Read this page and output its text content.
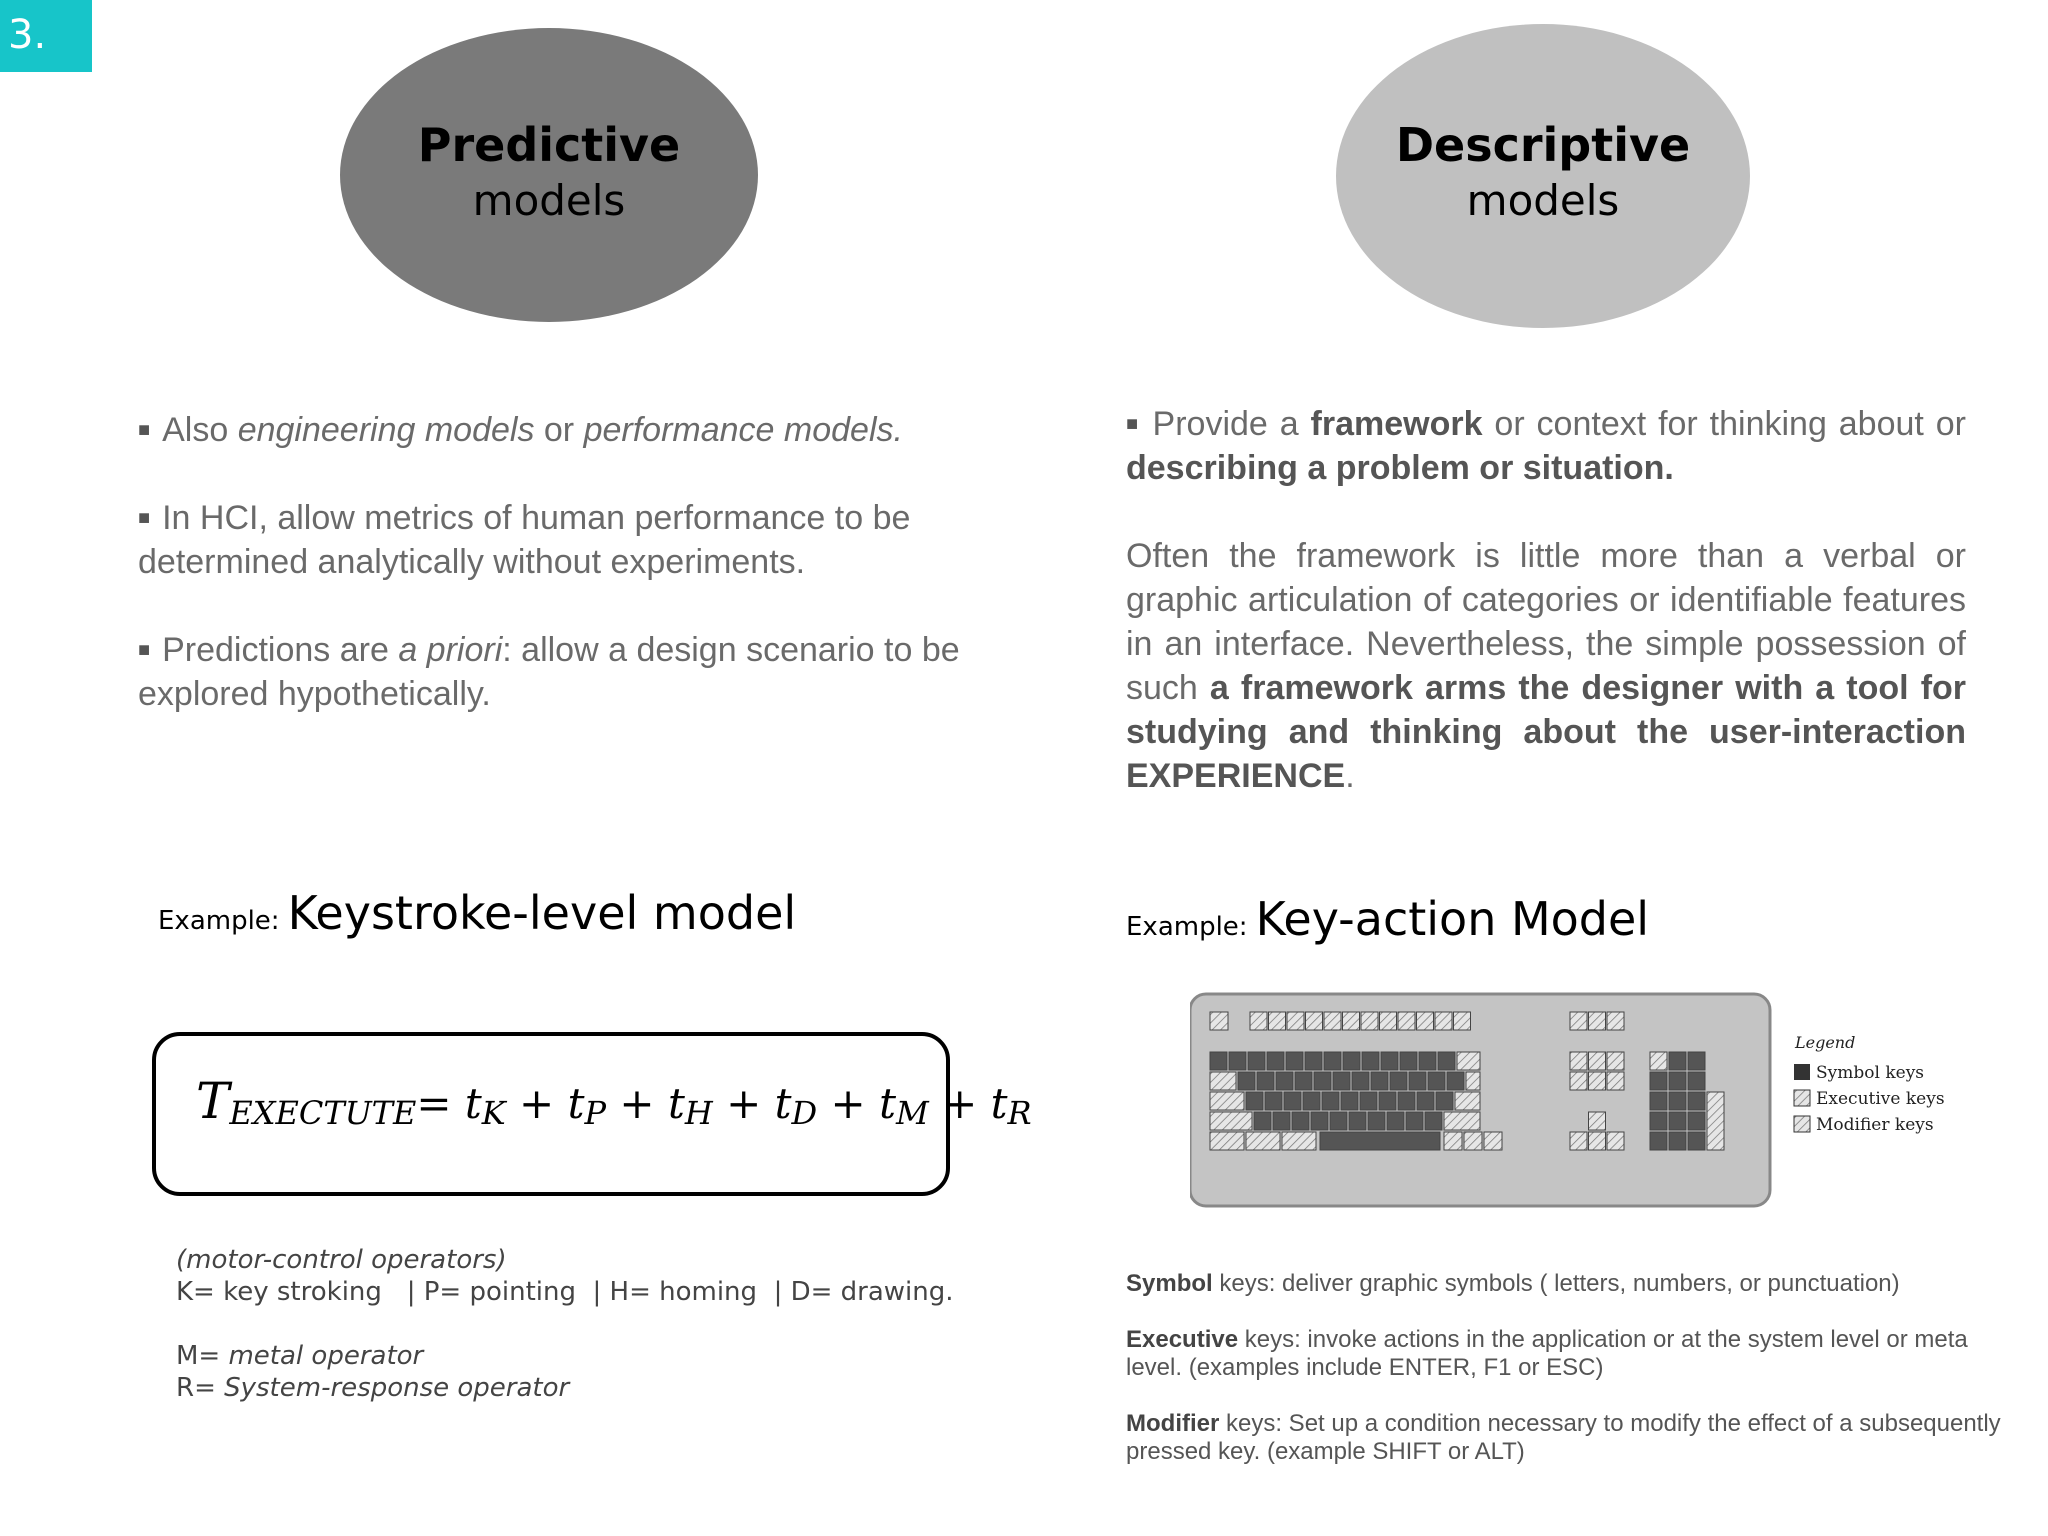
3.
Predictive
models
Descriptive
models
■ Also engineering models or performance models.
■ In HCI, allow metrics of human performance to be determined analytically without experiments.
■ Predictions are a priori: allow a design scenario to be explored hypothetically.
■ Provide a framework or context for thinking about or describing a problem or situation.
Often the framework is little more than a verbal or graphic articulation of categories or identifiable features in an interface. Nevertheless, the simple possession of such a framework arms the designer with a tool for studying and thinking about the user-interaction EXPERIENCE.
Example: Keystroke-level model	Example: Key-action Model
$T_{EXECTUTE}= t_K + t_P + t_H + t_D + t_M + t_R$
(motor-control operators)
K= key stroking   | P= pointing  | H= homing  | D= drawing.
M= metal operator
R= System-response operator
Legend
Symbol keys
Executive keys
Modifier keys

Symbol keys: deliver graphic symbols ( letters, numbers, or punctuation)

Executive keys: invoke actions in the application or at the system level or meta level. (examples include ENTER, F1 or ESC)

Modifier keys: Set up a condition necessary to modify the effect of a subsequently pressed key. (example SHIFT or ALT)
